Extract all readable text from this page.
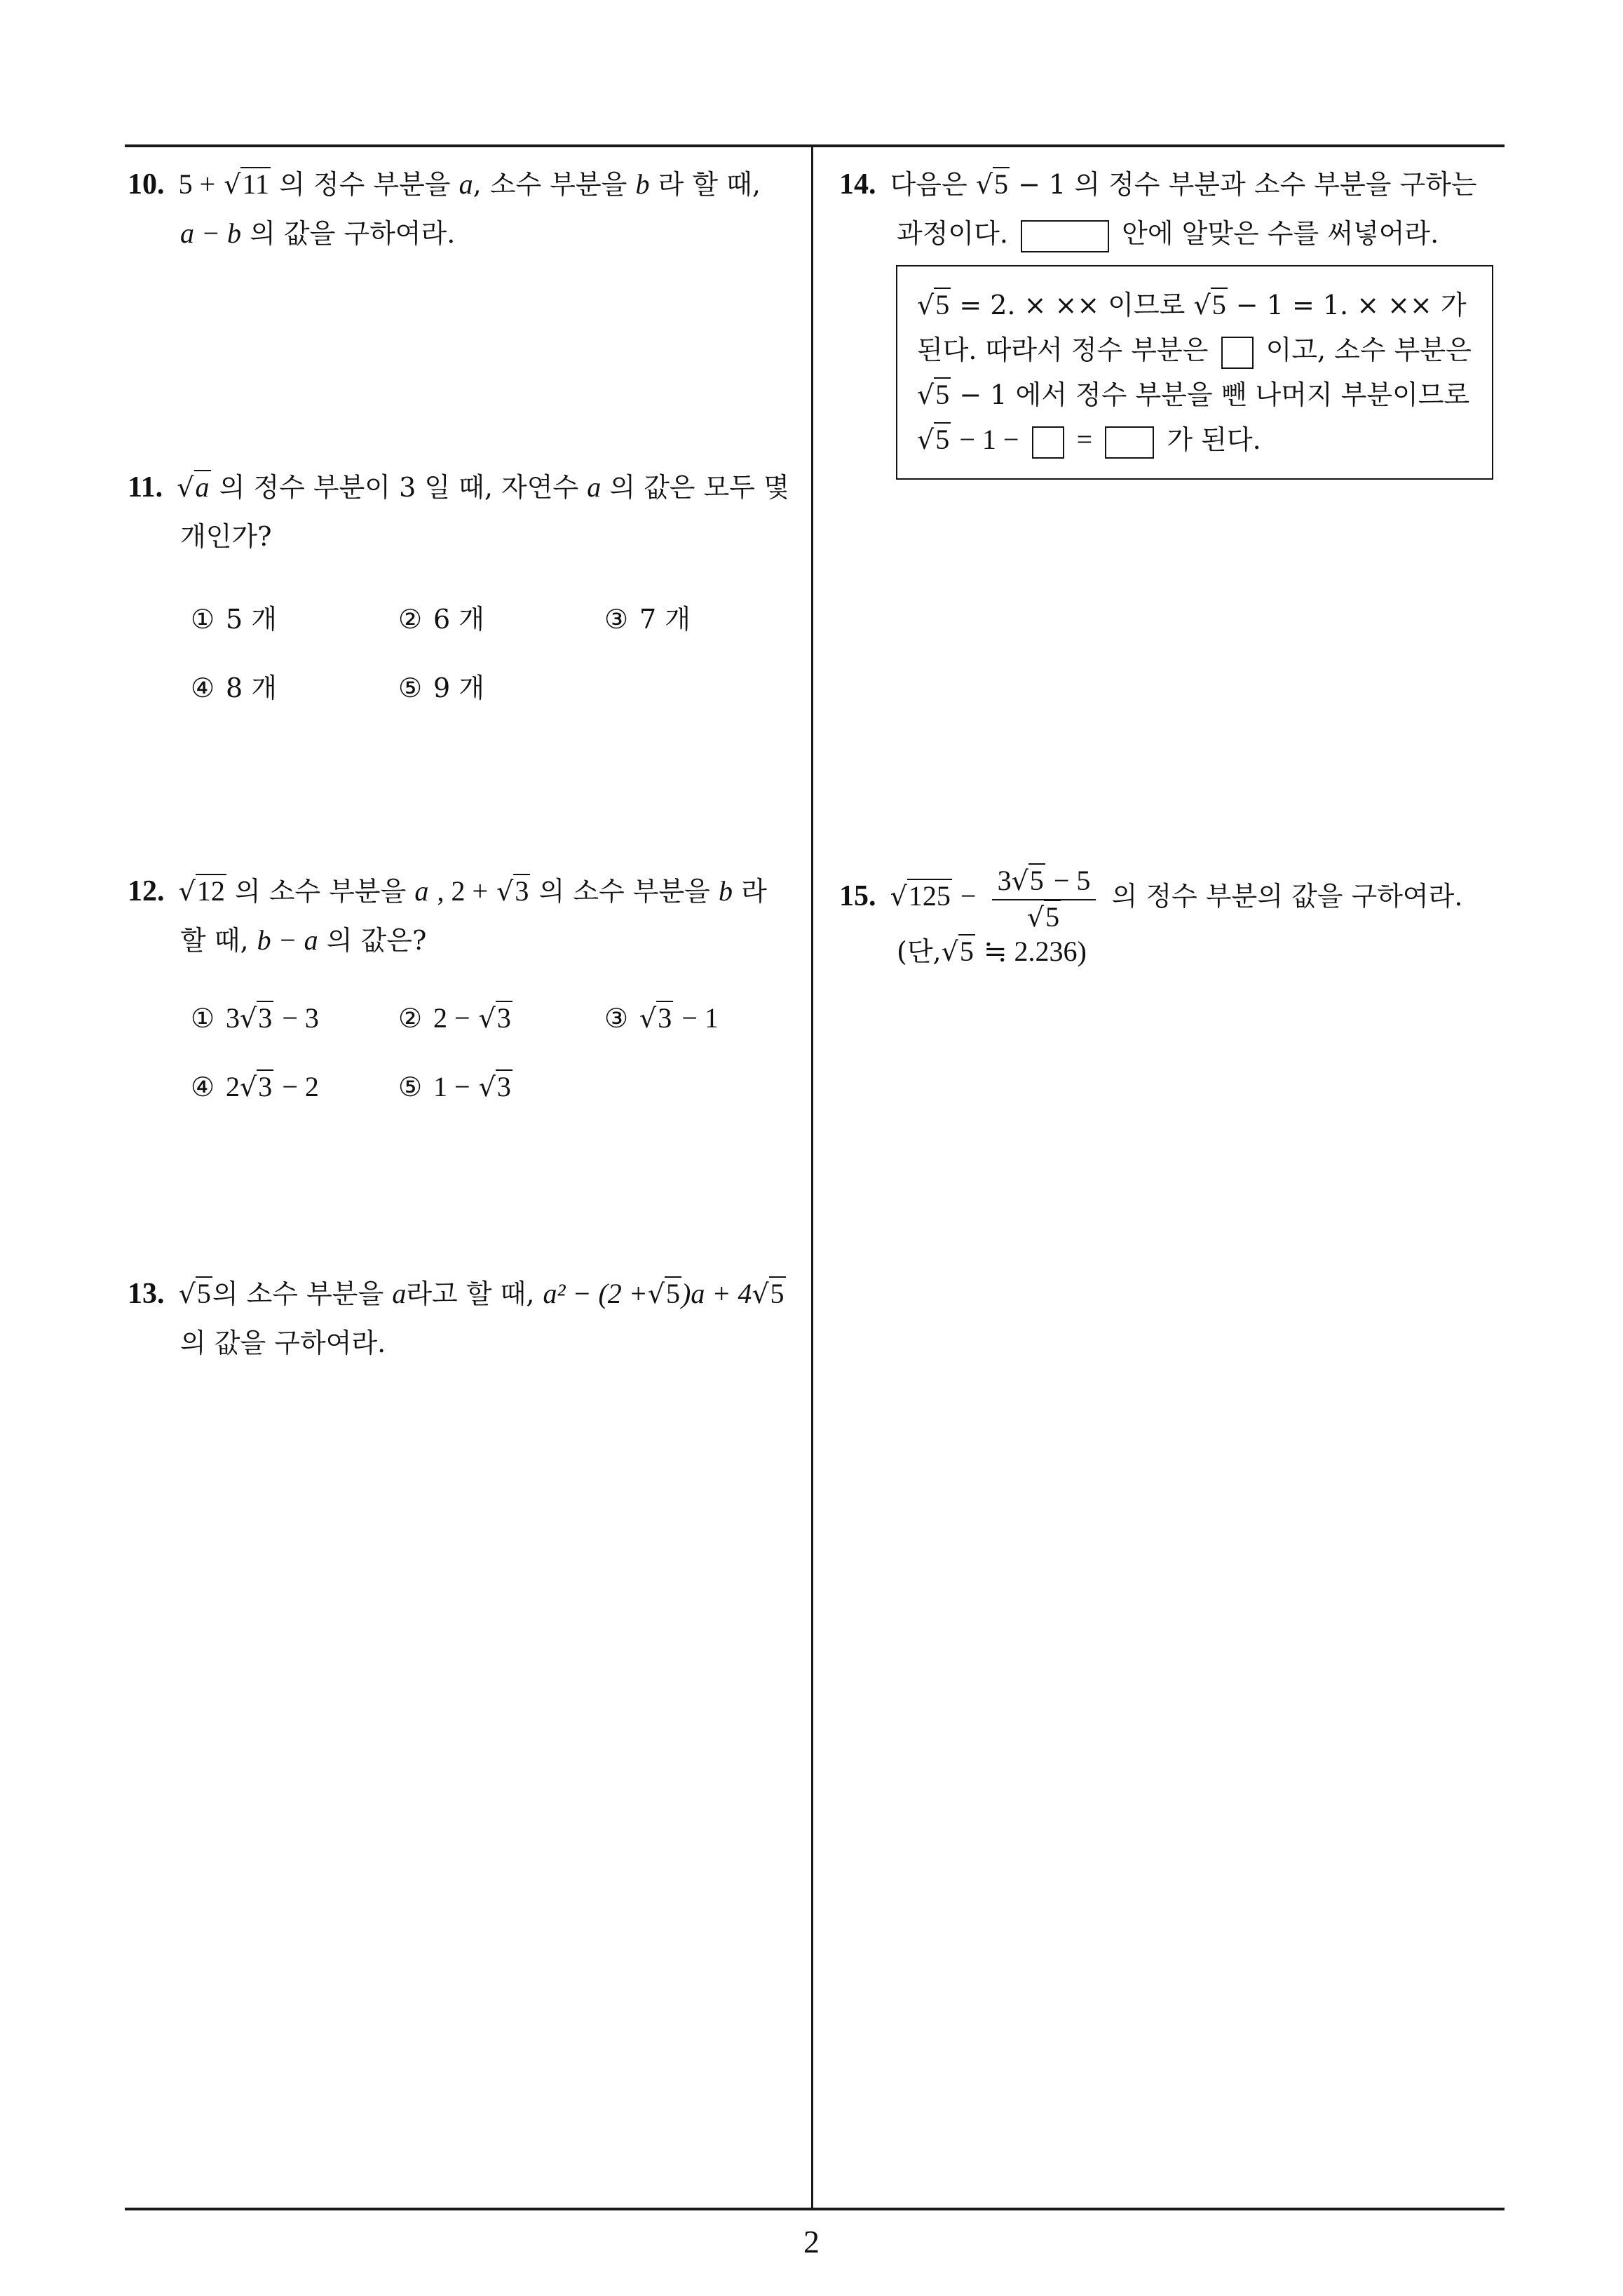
10. 5 + √11 의 정수 부분을 a, 소수 부분을 b 라 할 때,
a − b 의 값을 구하여라.
11. √a 의 정수 부분이 3 일 때, 자연수 a 의 값은 모두 몇
개인가?
① 5 개	② 6 개	③ 7 개
④ 8 개	⑤ 9 개
12. √12 의 소수 부분을 a , 2 + √3 의 소수 부분을 b 라
할 때, b − a 의 값은?
① 3√3 − 3	② 2 − √3	③ √3 − 1
④ 2√3 − 2	⑤ 1 − √3
13. √5의 소수 부분을 a라고 할 때, a² − (2 +√5)a + 4√5
의 값을 구하여라.
14. 다음은 √5 − 1 의 정수 부분과 소수 부분을 구하는
과정이다.	안에 알맞은 수를 써넣어라.
√5 = 2. × ×× 이므로 √5 − 1 = 1. × ×× 가
된다. 따라서 정수 부분은 이고, 소수 부분은
√5 − 1 에서 정수 부분을 뺀 나머지 부분이므로
√5 − 1 − =	가 된다.
15. $√125 - \frac{3√5 - 5}{√5}$ 의 정수 부분의 값을 구하여라.
(단,√5 ≒ 2.236)
2
